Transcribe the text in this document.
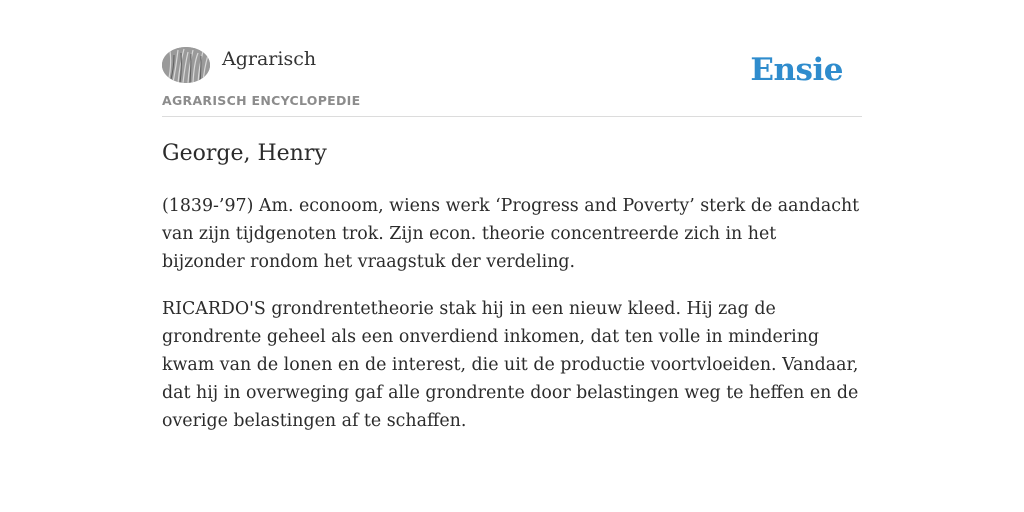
Agrarisch
AGRARISCH ENCYCLOPEDIE
Ensie
George, Henry

(1839-’97) Am. econoom, wiens werk ‘Progress and Poverty’ sterk de aandacht van zijn tijdgenoten trok. Zijn econ. theorie concentreerde zich in het bijzonder rondom het vraagstuk der verdeling.

RICARDO'S grondrentetheorie stak hij in een nieuw kleed. Hij zag de grondrente geheel als een onverdiend inkomen, dat ten volle in mindering kwam van de lonen en de interest, die uit de productie voortvloeiden. Vandaar, dat hij in overweging gaf alle grondrente door belastingen weg te heffen en de overige belastingen af te schaffen.
